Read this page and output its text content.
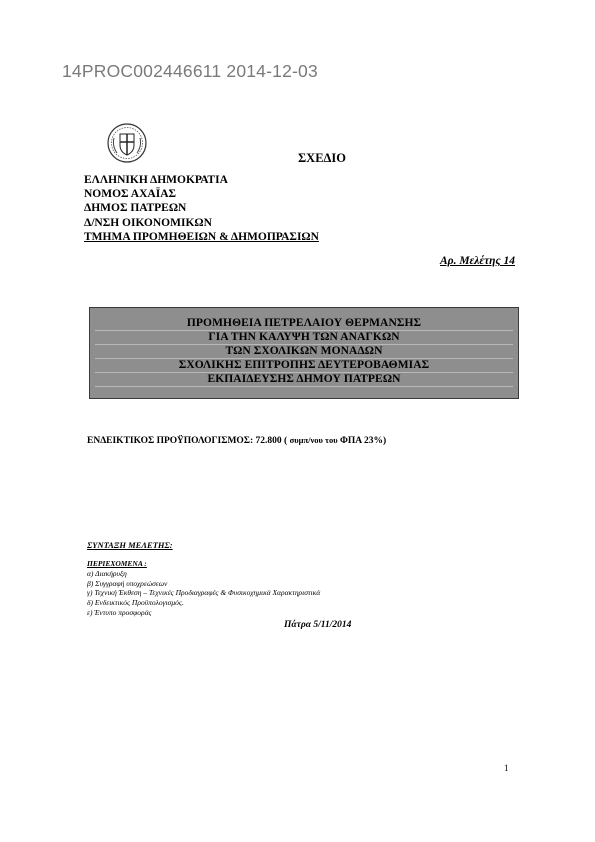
14PROC002446611 2014-12-03
ΣΧΕΔΙΟ
ΕΛΛΗΝΙΚΗ ΔΗΜΟΚΡΑΤΙΑ
ΝΟΜΟΣ ΑΧΑΪΑΣ
ΔΗΜΟΣ ΠΑΤΡΕΩΝ
Δ/ΝΣΗ ΟΙΚΟΝΟΜΙΚΩΝ
ΤΜΗΜΑ ΠΡΟΜΗΘΕΙΩΝ & ΔΗΜΟΠΡΑΣΙΩΝ
Αρ. Μελέτης 14
ΠΡΟΜΗΘΕΙΑ ΠΕΤΡΕΛΑΙΟΥ ΘΕΡΜΑΝΣΗΣ
ΓΙΑ ΤΗΝ ΚΑΛΥΨΗ ΤΩΝ ΑΝΑΓΚΩΝ
ΤΩΝ ΣΧΟΛΙΚΩΝ ΜΟΝΑΔΩΝ
ΣΧΟΛΙΚΗΣ ΕΠΙΤΡΟΠΗΣ ΔΕΥΤΕΡΟΒΑΘΜΙΑΣ
ΕΚΠΑΙΔΕΥΣΗΣ ΔΗΜΟΥ ΠΑΤΡΕΩΝ
ΕΝΔΕΙΚΤΙΚΟΣ ΠΡΟΫΠΟΛΟΓΙΣΜΟΣ: 72.800 ( συμπ/νου του ΦΠΑ 23%)
ΣΥΝΤΑΞΗ ΜΕΛΕΤΗΣ:
ΠΕΡΙΕΧΟΜΕΝΑ :
α) Διακήρυξη
β) Συγγραφή υποχρεώσεων
γ) Τεχνική Έκθεση – Τεχνικές Προδιαγραφές & Φυσικοχημικά Χαρακτηριστικά
δ) Ενδεικτικός Προϋπολογισμός.
ε) Έντυπο προσφοράς
Πάτρα 5/11/2014
1
